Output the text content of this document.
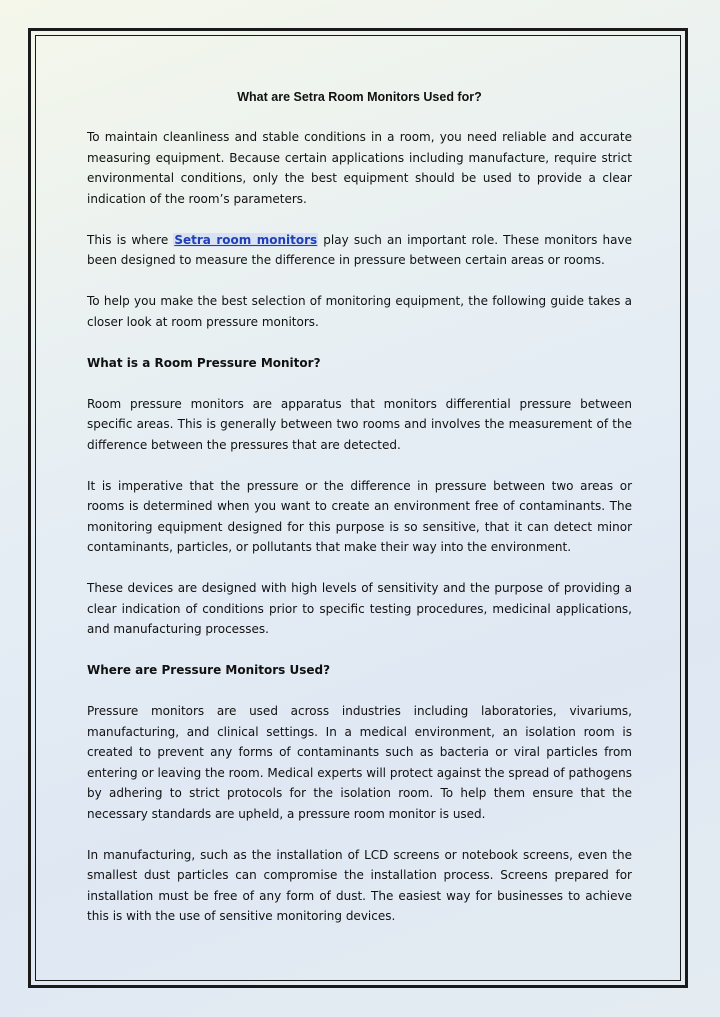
What are Setra Room Monitors Used for?

To maintain cleanliness and stable conditions in a room, you need reliable and accurate measuring equipment. Because certain applications including manufacture, require strict environmental conditions, only the best equipment should be used to provide a clear indication of the room’s parameters.

This is where Setra room monitors play such an important role. These monitors have been designed to measure the difference in pressure between certain areas or rooms.

To help you make the best selection of monitoring equipment, the following guide takes a closer look at room pressure monitors.

What is a Room Pressure Monitor?

Room pressure monitors are apparatus that monitors differential pressure between specific areas. This is generally between two rooms and involves the measurement of the difference between the pressures that are detected.

It is imperative that the pressure or the difference in pressure between two areas or rooms is determined when you want to create an environment free of contaminants. The monitoring equipment designed for this purpose is so sensitive, that it can detect minor contaminants, particles, or pollutants that make their way into the environment.

These devices are designed with high levels of sensitivity and the purpose of providing a clear indication of conditions prior to specific testing procedures, medicinal applications, and manufacturing processes.

Where are Pressure Monitors Used?

Pressure monitors are used across industries including laboratories, vivariums, manufacturing, and clinical settings. In a medical environment, an isolation room is created to prevent any forms of contaminants such as bacteria or viral particles from entering or leaving the room. Medical experts will protect against the spread of pathogens by adhering to strict protocols for the isolation room. To help them ensure that the necessary standards are upheld, a pressure room monitor is used.

In manufacturing, such as the installation of LCD screens or notebook screens, even the smallest dust particles can compromise the installation process. Screens prepared for installation must be free of any form of dust. The easiest way for businesses to achieve this is with the use of sensitive monitoring devices.
